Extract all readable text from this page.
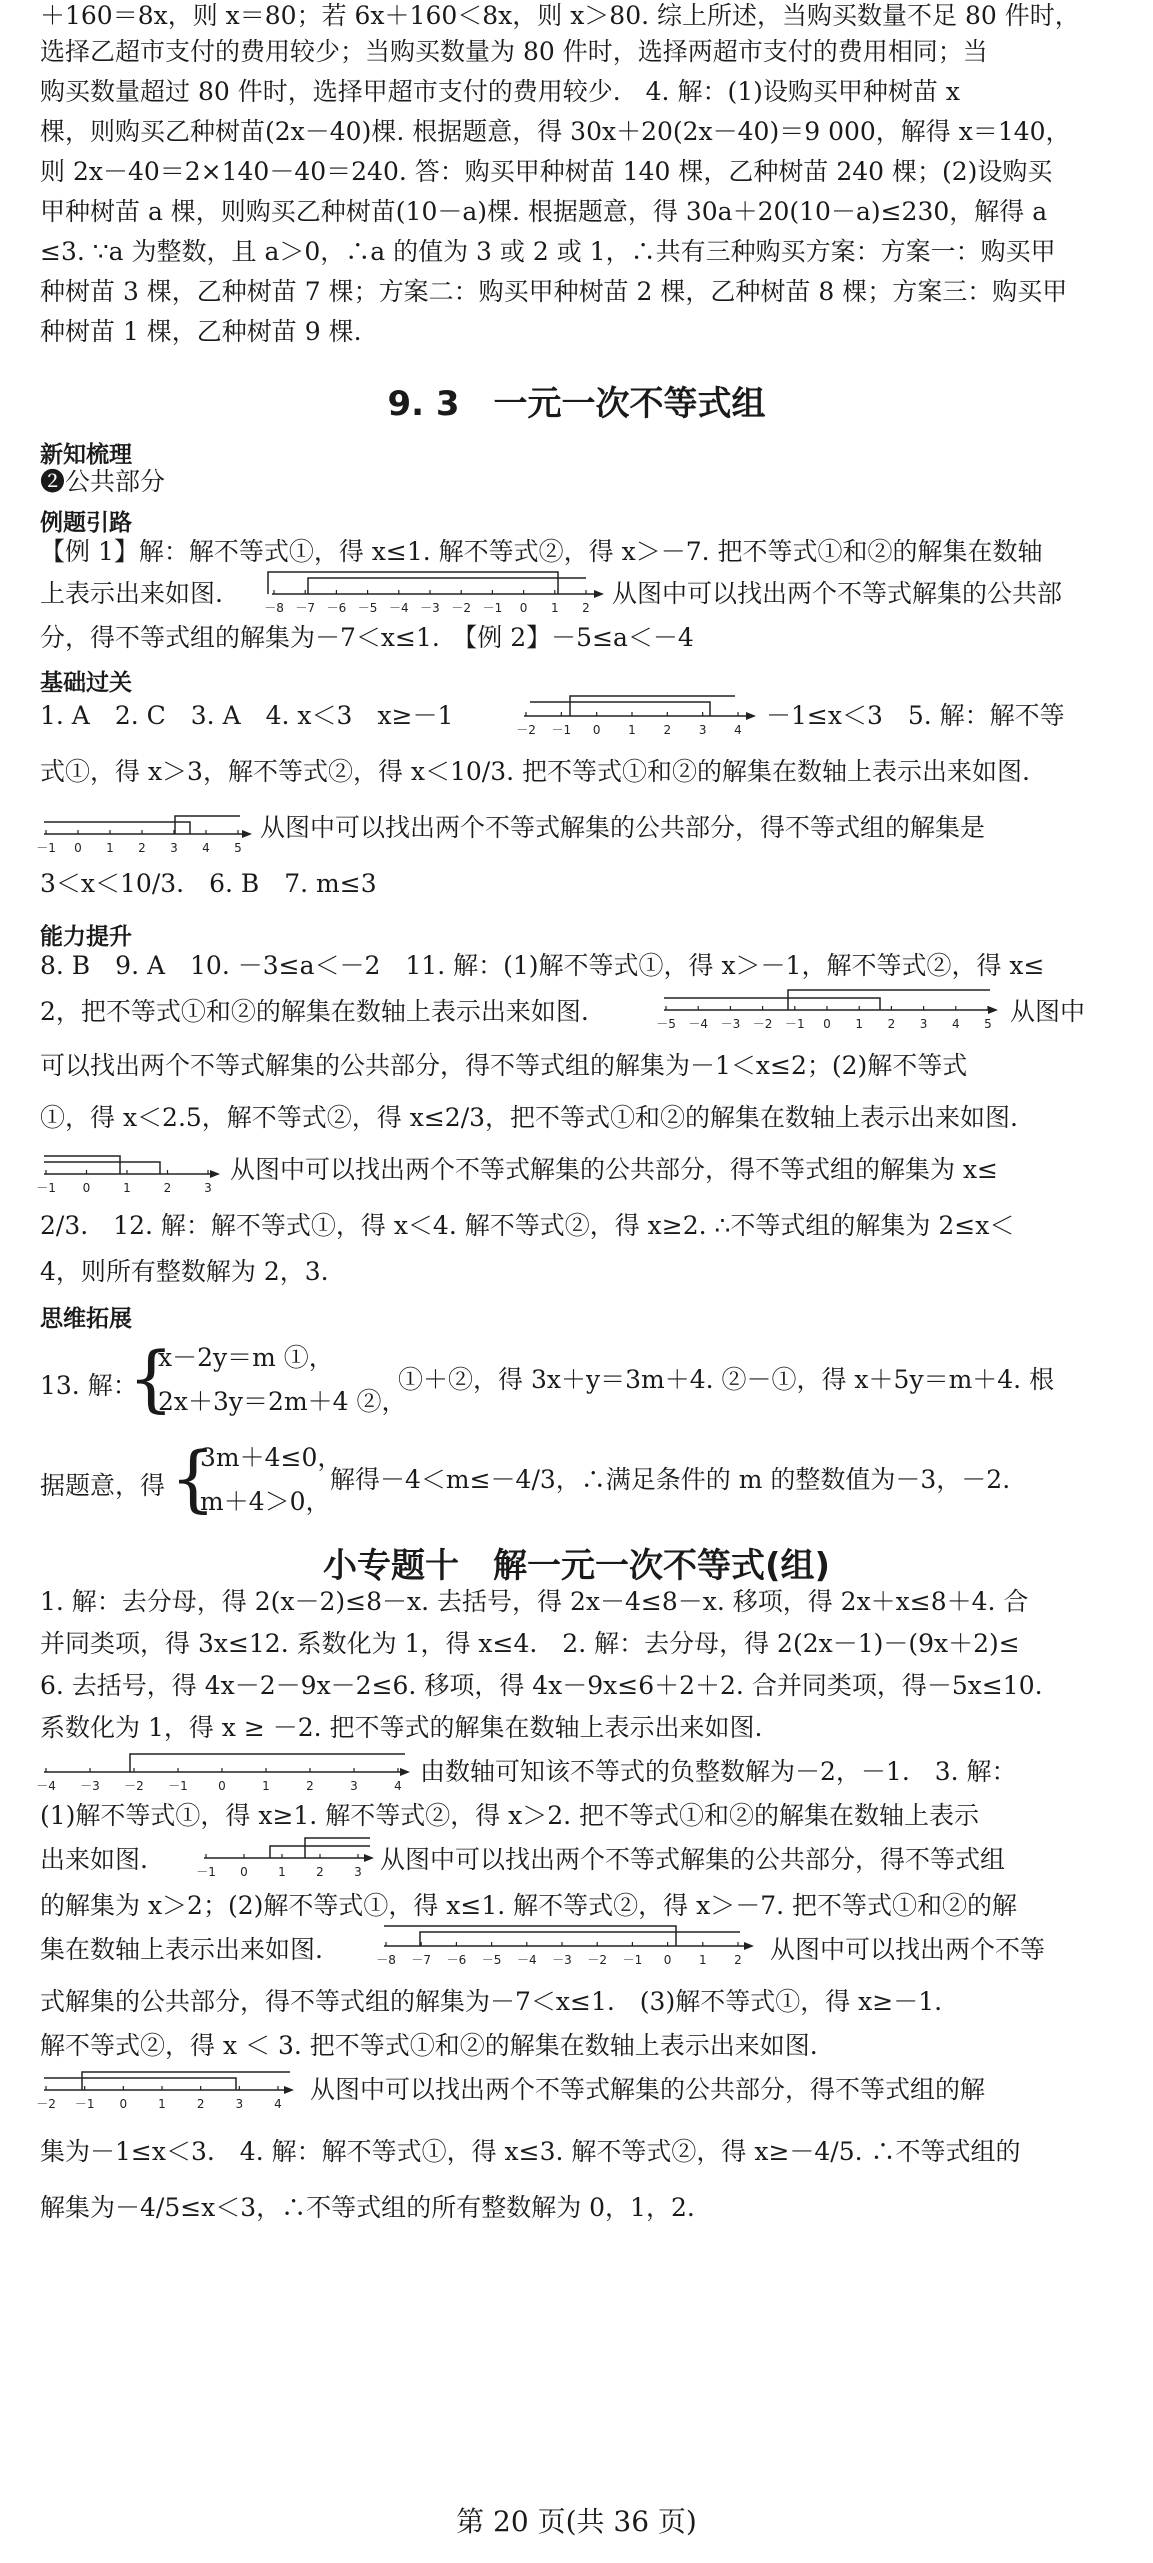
＋160＝8x，则 x＝80；若 6x＋160＜8x，则 x＞80. 综上所述，当购买数量不足 80 件时，
选择乙超市支付的费用较少；当购买数量为 80 件时，选择两超市支付的费用相同；当
购买数量超过 80 件时，选择甲超市支付的费用较少.　4. 解：(1)设购买甲种树苗 x
棵，则购买乙种树苗(2x－40)棵. 根据题意，得 30x＋20(2x－40)＝9 000，解得 x＝140，
则 2x－40＝2×140－40＝240. 答：购买甲种树苗 140 棵，乙种树苗 240 棵；(2)设购买
甲种树苗 a 棵，则购买乙种树苗(10－a)棵. 根据题意，得 30a＋20(10－a)≤230，解得 a
≤3. ∵a 为整数，且 a＞0，∴a 的值为 3 或 2 或 1，∴共有三种购买方案：方案一：购买甲
种树苗 3 棵，乙种树苗 7 棵；方案二：购买甲种树苗 2 棵，乙种树苗 8 棵；方案三：购买甲
种树苗 1 棵，乙种树苗 9 棵.
9. 3　一元一次不等式组
新知梳理
❷公共部分
例题引路
【例 1】解：解不等式①，得 x≤1. 解不等式②，得 x＞－7. 把不等式①和②的解集在数轴
上表示出来如图.	－8 －7 －6 －5 －4 －3 －2 －1 0 1 2 从图中可以找出两个不等式解集的公共部
分，得不等式组的解集为－7＜x≤1.　【例 2】－5≤a＜－4
基础过关
1. A　2. C　3. A　4. x＜3　x≥－1	－2 －1 0 1 2 3 4 －1≤x＜3　5. 解：解不等
式①，得 x＞3，解不等式②，得 x＜10/3. 把不等式①和②的解集在数轴上表示出来如图.
－1 0 1 2 3 4 5
从图中可以找出两个不等式解集的公共部分，得不等式组的解集是
3＜x＜10/3.　6. B　7. m≤3
能力提升
8. B　9. A　10. －3≤a＜－2　11. 解：(1)解不等式①，得 x＞－1，解不等式②，得 x≤
2，把不等式①和②的解集在数轴上表示出来如图.	－5 －4 －3 －2 －1 0 1 2 3 4 5 从图中
可以找出两个不等式解集的公共部分，得不等式组的解集为－1＜x≤2；(2)解不等式
①，得 x＜2.5，解不等式②，得 x≤2/3，把不等式①和②的解集在数轴上表示出来如图.
－1 0	1	2	3
从图中可以找出两个不等式解集的公共部分，得不等式组的解集为 x≤
2/3.　12. 解：解不等式①，得 x＜4. 解不等式②，得 x≥2. ∴不等式组的解集为 2≤x＜
4，则所有整数解为 2，3.
思维拓展
13. 解：
{
x－2y＝m ①，
2x＋3y＝2m＋4 ②，
①＋②，得 3x＋y＝3m＋4. ②－①，得 x＋5y＝m＋4. 根
据题意，得 {
3m＋4≤0，
m＋4＞0，
解得－4＜m≤－4/3，∴满足条件的 m 的整数值为－3，－2.
小专题十　解一元一次不等式(组)
1. 解：去分母，得 2(x－2)≤8－x. 去括号，得 2x－4≤8－x. 移项，得 2x＋x≤8＋4. 合
并同类项，得 3x≤12. 系数化为 1，得 x≤4.　2. 解：去分母，得 2(2x－1)－(9x＋2)≤
6. 去括号，得 4x－2－9x－2≤6. 移项，得 4x－9x≤6＋2＋2. 合并同类项，得－5x≤10.
系数化为 1，得 x ≥ －2. 把不等式的解集在数轴上表示出来如图.
－4 －3 －2 －1	0	1	2	3	4 由数轴可知该不等式的负整数解为－2，－1.　3. 解：
(1)解不等式①，得 x≥1. 解不等式②，得 x＞2. 把不等式①和②的解集在数轴上表示
出来如图.	－1 0	1	2	3 从图中可以找出两个不等式解集的公共部分，得不等式组
的解集为 x＞2；(2)解不等式①，得 x≤1. 解不等式②，得 x＞－7. 把不等式①和②的解
集在数轴上表示出来如图.	－8 －7 －6 －5 －4 －3 －2 －1 0 1 2 从图中可以找出两个不等
式解集的公共部分，得不等式组的解集为－7＜x≤1.　(3)解不等式①，得 x≥－1.
解不等式②，得 x ＜ 3. 把不等式①和②的解集在数轴上表示出来如图.
－2 －1 0	1	2	3	4 从图中可以找出两个不等式解集的公共部分，得不等式组的解
集为－1≤x＜3.　4. 解：解不等式①，得 x≤3. 解不等式②，得 x≥－4/5. ∴不等式组的
解集为－4/5≤x＜3，∴不等式组的所有整数解为 0，1，2.
第 20 页(共 36 页)
